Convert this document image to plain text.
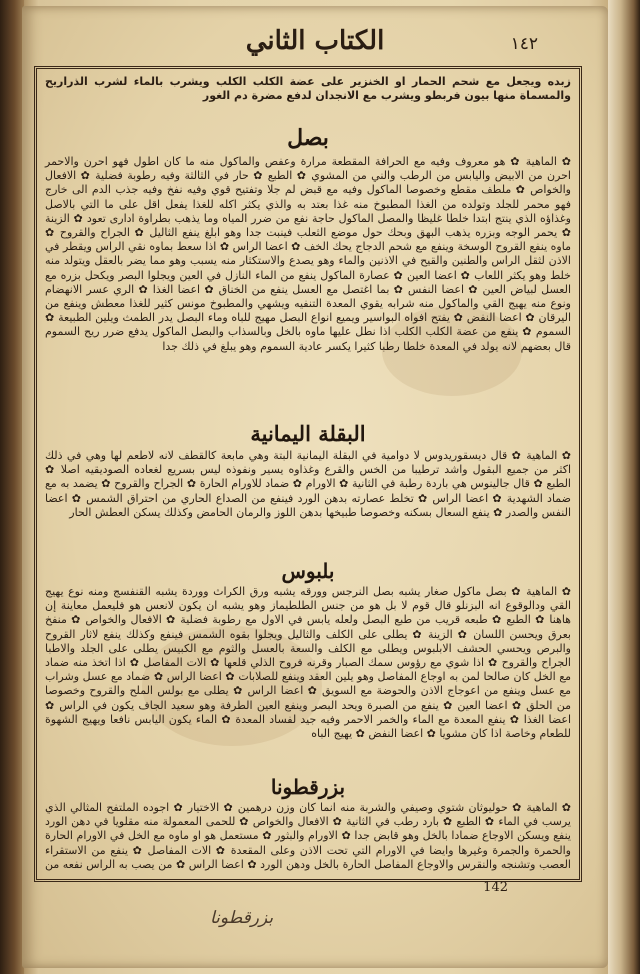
الكتاب الثاني	١٤٢
زبده ويجعل مع شحم الحمار او الخنزير على عضة الكلب الكلب ويشرب بالماء لشرب الذراريح والمسماة منها بيون فربطو ويشرب مع الانجدان لدفع مضرة دم الغور
بصل
✿ الماهية ✿ هو معروف وفيه مع الحرافة المقطعة مرارة وعفص والماكول منه ما كان اطول فهو احرن والاحمر احرن من الابيض واليابس من الرطب والني من المشوي ✿ الطبع ✿ حار في الثالثة وفيه رطوبة فضلية ✿ الافعال والخواص ✿ ملطف مقطع وخصوصا الماكول وفيه مع قبض لم جلا وتفتيح قوي وفيه نفخ وفيه جذب الدم الى خارج فهو محمر للجلد وتولده من الغذا المطبوخ منه غذا بعتد به والذي يكثر اكله للغذا يفعل اقل على ما التي بالاصل وغذاؤه الذي ينتج ابتدا خلطا غليظا والمصل الماكول حاجة نفع من ضرر المياه وما يذهب بطراوة ادارى تعود ✿ الزينة ✿ يحمر الوجه وبزره يذهب البهق وبحك حول موضع الثعلب فينبت جدا وهو ابلغ ينفع الثاليل ✿ الجراح والقروح ✿ ماوه ينفع القروح الوسخة وينفع مع شحم الدجاج يحك الخف ✿ اعضا الراس ✿ اذا سعط بماوه نقي الراس ويقطر في الاذن لثقل الراس والطنين والقيح في الاذنين والماء وهو يصدع والاستكثار منه يسبب وهو مما يضر بالعقل ويتولد منه خلط وهو يكثر اللعاب ✿ اعضا العين ✿ عصارة الماكول ينفع من الماء النازل في العين ويجلوا البصر ويكحل بزره مع العسل لبياض العين ✿ اعضا النفس ✿ بما اغتصل مع العسل ينفع من الخناق ✿ اعضا الغذا ✿ الري عسر الانهضام ونوع منه يهيج القي والماكول منه شرابه يقوي المعدة التنفيه ويشهي والمطبوخ مونس كثير للغذا معطش وينفع من اليرقان ✿ اعضا النفض ✿ يفتح افواه البواسير ويميع انواع البصل مهيج للباه وماء البصل يدر الطمث ويلين الطبيعة ✿ السموم ✿ ينفع من عضة الكلب الكلب اذا نطل عليها ماوه بالخل وبالسذاب والبصل الماكول يدفع ضرر ريح السموم قال بعضهم لانه يولد في المعدة خلطا رطبا كثيرا يكسر عادية السموم وهو يبلغ في ذلك جدا
البقلة اليمانية
✿ الماهية ✿ قال ديسقوريدوس لا دوامية في البقلة اليمانية البتة وهي مابعة كالقطف لانه لاطعم لها وهي في ذلك اكثر من جميع البقول واشد ترطيبا من الخس والقرع وغذاوه يسير ونفوذه ليس بسريع لغعاده الصوديقيه اصلا ✿ الطبع ✿ قال جالينوس هي باردة رطبة في الثانية ✿ الاورام ✿ ضماد للاورام الحارة ✿ الجراح والقروح ✿ يضمد به مع ضماد الشهدية ✿ اعضا الراس ✿ تخلط عصارته بدهن الورد فينفع من الصداع الحاري من احتراق الشمس ✿ اعضا النفس والصدر ✿ ينفع السعال بسكنه وخصوصا طبيخها بدهن اللوز والرمان الحامض وكذلك يسكن العطش الحار
بلبوس
✿ الماهية ✿ بصل ماكول صغار يشبه بصل النرجس وورقه يشبه ورق الكراث ووردة يشبه القنفسج ومنه نوع يهيج القي ودالوقوع انه البزنلو قال قوم لا بل هو من جنس الطلطيماز وهو يشبه ان يكون لانعس هو فليعمل معاينة إن هاهنا ✿ الطبع ✿ طبعه قريب من طبع البصل ولعله يابس في الاول مع رطوبة فضلية ✿ الافعال والخواص ✿ منفخ بعرق ويحسن اللسان ✿ الزينة ✿ يطلى على الكلف والثاليل ويجلوا بقوه الشمس فينفع وكذلك ينفع لاثار القروح والبرص ويحسي الحشف الابلبوس ويطلى مع الكلف والسعة بالعسل والثوم مع الكبيس يطلى على الجلد والاطبا الجراح والقروح ✿ اذا شوي مع رؤوس سمك الصبار وقرنه فروح الذلي قلعها ✿ الات المفاصل ✿ اذا اتخذ منه ضماد مع الخل كان صالحا لمن به اوجاع المفاصل وهو يلين العقد وينفع للصلابات ✿ اعضا الراس ✿ ضماد مع عسل وشراب مع عسل وينفع من اعوجاج الاذن والحوضة مع السويق ✿ اعضا الراس ✿ يطلى مع بولس الملح والقروح وخصوصا من الحلق ✿ اعضا العين ✿ ينفع من الصبرة ويحد البصر وينفع العين الطرفة وهو سعيد الجاف يكون في الراس ✿ اعضا الغذا ✿ ينفع المعدة مع الماء والخمر الاحمر وفيه جيد لفساد المعدة ✿ الماء يكون اليابس نافعا ويهيج الشهوة للطعام وخاصة اذا كان مشويا ✿ اعضا النفض ✿ يهيج الباه
بزرقطونا
✿ الماهية ✿ حوليوثان شتوي وصيفي والشربة منه انما كان وزن درهمين ✿ الاختيار ✿ اجوده الملتفح المثالي الذي يرسب في الماء ✿ الطبع ✿ بارد رطب في الثانية ✿ الافعال والخواص ✿ للحمى المعمولة منه مقلويا في دهن الورد ينفع ويسكن الاوجاع ضمادا بالخل وهو قابض جدا ✿ الاورام والبثور ✿ مستعمل هو او ماوه مع الخل في الاورام الحارة والحمرة والجمرة وغيرها وايضا في الاورام التي تحت الاذن وعلى المقعدة ✿ الات المفاصل ✿ ينفع من الاستقراء العصب وتشنجه والنقرس والاوجاع المفاصل الحارة بالخل ودهن الورد ✿ اعضا الراس ✿ من يصب به الراس نفعه من
142
بزرقطونا
